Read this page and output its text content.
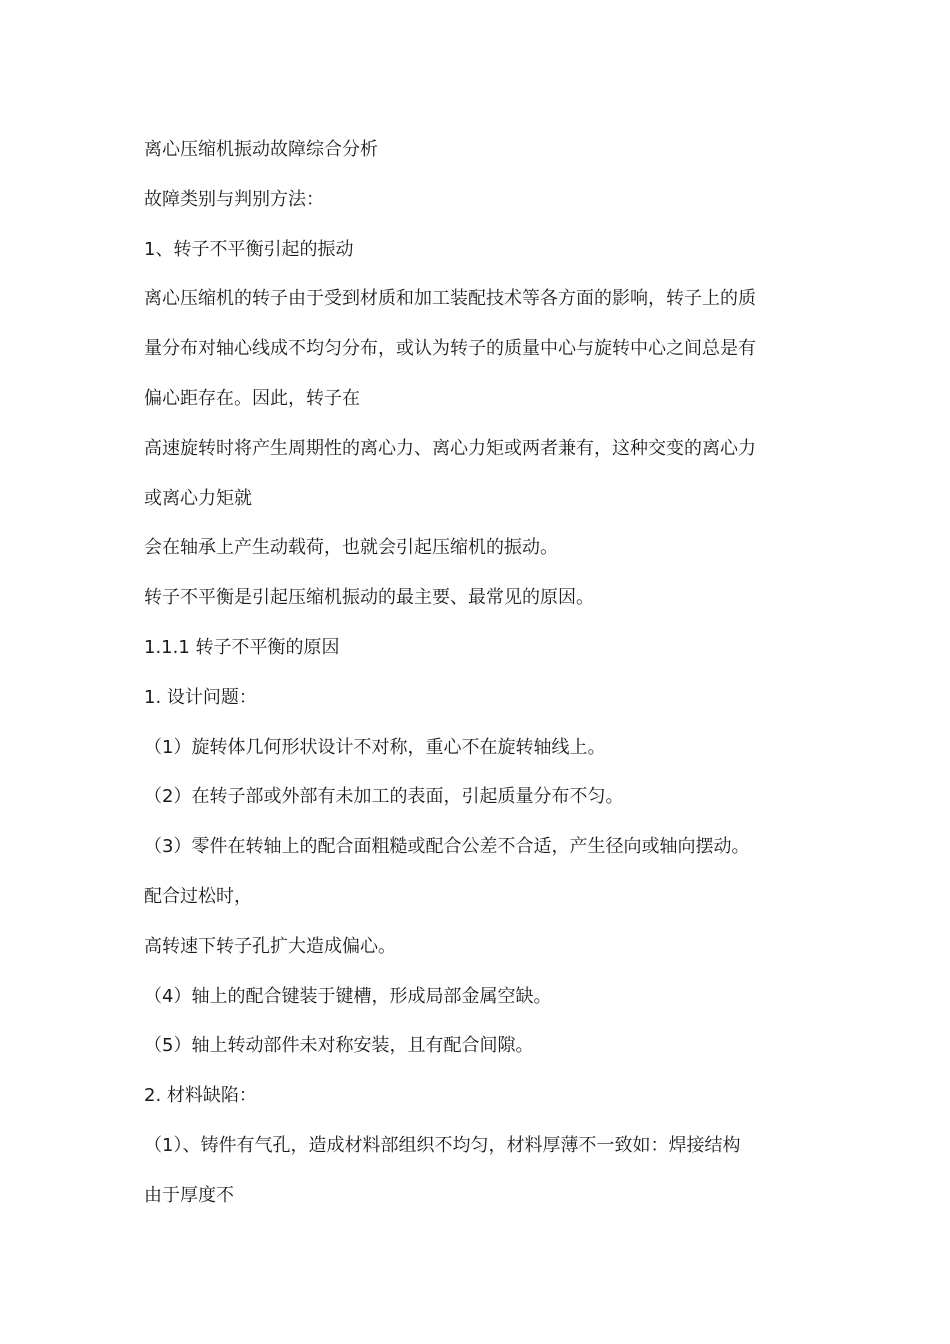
离心压缩机振动故障综合分析
故障类别与判别方法：
1、转子不平衡引起的振动
离心压缩机的转子由于受到材质和加工装配技术等各方面的影响，转子上的质
量分布对轴心线成不均匀分布，或认为转子的质量中心与旋转中心之间总是有
偏心距存在。因此，转子在
高速旋转时将产生周期性的离心力、离心力矩或两者兼有，这种交变的离心力
或离心力矩就
会在轴承上产生动载荷，也就会引起压缩机的振动。
转子不平衡是引起压缩机振动的最主要、最常见的原因。
1.1.1 转子不平衡的原因
1. 设计问题：
（1）旋转体几何形状设计不对称，重心不在旋转轴线上。
（2）在转子部或外部有未加工的表面，引起质量分布不匀。
（3）零件在转轴上的配合面粗糙或配合公差不合适，产生径向或轴向摆动。
配合过松时，
高转速下转子孔扩大造成偏心。
（4）轴上的配合键装于键槽，形成局部金属空缺。
（5）轴上转动部件未对称安装，且有配合间隙。
2. 材料缺陷：
（1）、铸件有气孔，造成材料部组织不均匀，材料厚薄不一致如：焊接结构
由于厚度不
